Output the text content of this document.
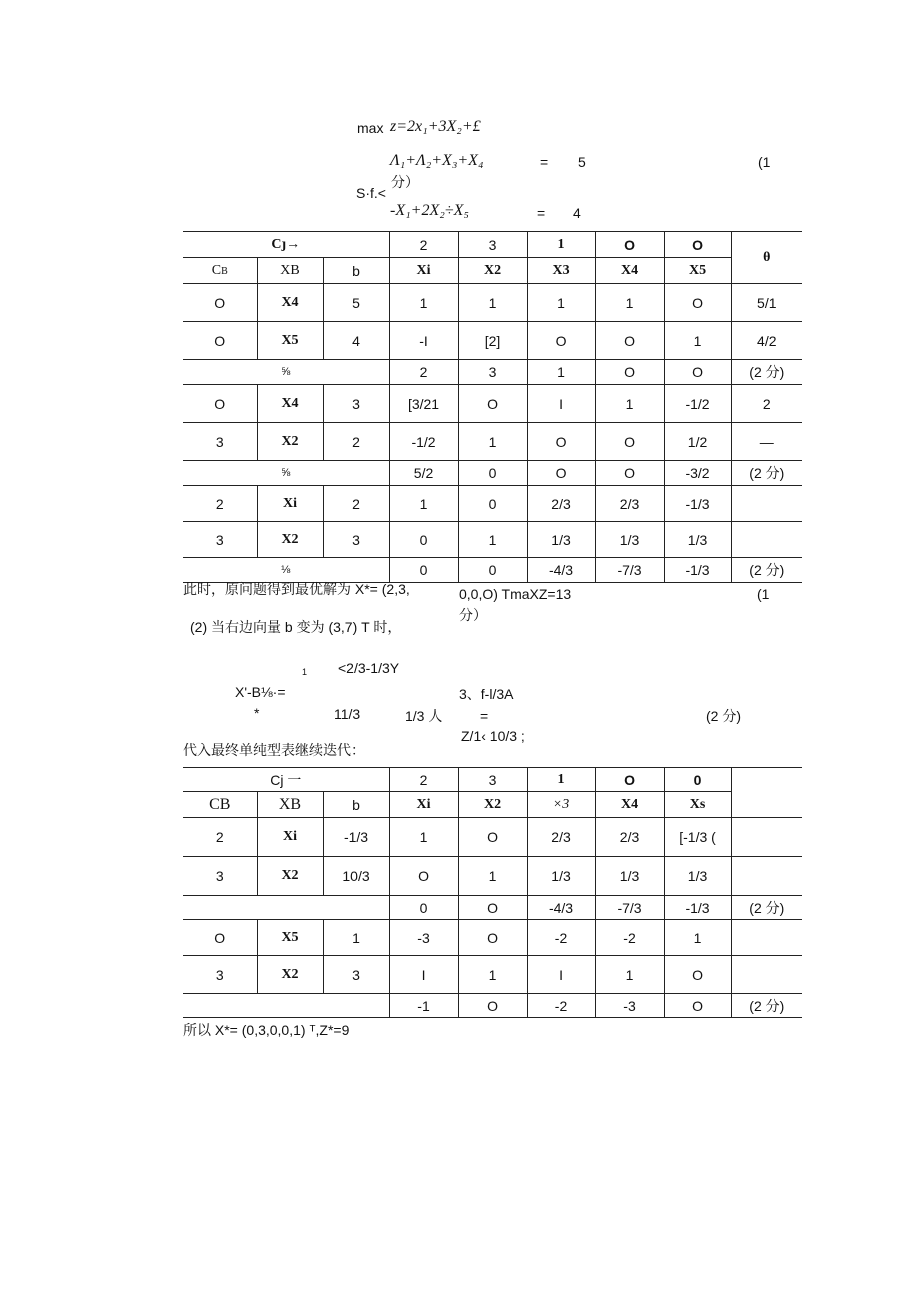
max z=2x₁+3X₂+£
Λ₁+Λ₂+X₃+X₄	= 5	(1
分）
S·f.<
-X₁+2X₂÷X₅	= 4
Cȷ→			2	3	1	O	O	θ
CB	XB	b	Xi	X2	X3	X4	X5	
O	X4	5	1	1	1	1	O	5/1
O	X5	4	-I	[2]	O	O	1	4/2
⅝			2	3	1	O	O	(2 分)
O	X4	3	[3/21	O	I	1	-1/2	2
3	X2	2	-1/2	1	O	O	1/2	—
⅝			5/2	0	O	O	-3/2	(2 分)
2	Xi	2	1	0	2/3	2/3	-1/3	
3	X2	3	0	1	1/3	1/3	1/3	
⅛			0	0	-4/3	-7/3	-1/3	(2 分)
此时，原问题得到最优解为 X*= (2,3,	0,0,O) TmaXZ=13	(1
分）
(2) 当右边向量 b 变为 (3,7) T 时，
1 <2/3-1/3Y
X'-B⅛·=
*	11/3	1/3 人
3、f-l/3A
=
Z/1​‹ 10/3 ;
(2 分)
代入最终单纯型表继续迭代：
Cj 一			2	3	1	O	0	
CB	XB	b	Xi	X2	×3	X4	Xs	
2	Xi	-1/3	1	O	2/3	2/3	[-1/3 (	
3	X2	10/3	O	1	1/3	1/3	1/3	
			0	O	-4/3	-7/3	-1/3	(2 分)
O	X5	1	-3	O	-2	-2	1	
3	X2	3	I	1	I	1	O	
			-1	O	-2	-3	O	(2 分)
所以 X*= (0,3,0,0,1) ᵀ,Z*=9
